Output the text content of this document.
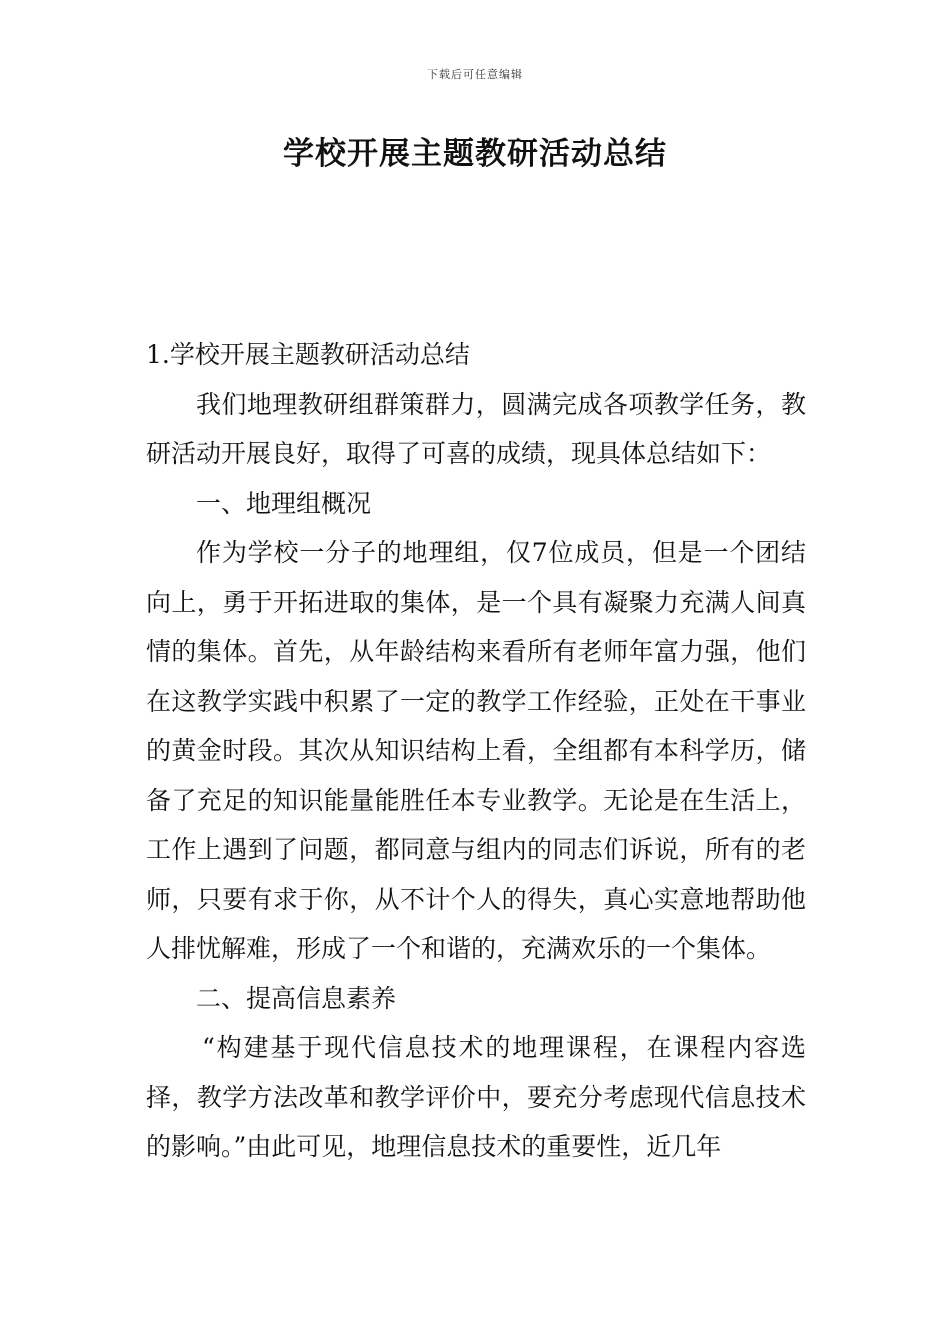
下载后可任意编辑
学校开展主题教研活动总结

1.学校开展主题教研活动总结

我们地理教研组群策群力，圆满完成各项教学任务，教研活动开展良好，取得了可喜的成绩，现具体总结如下：

一、地理组概况

作为学校一分子的地理组，仅7位成员，但是一个团结向上，勇于开拓进取的集体，是一个具有凝聚力充满人间真情的集体。首先，从年龄结构来看所有老师年富力强，他们在这教学实践中积累了一定的教学工作经验，正处在干事业的黄金时段。其次从知识结构上看，全组都有本科学历，储备了充足的知识能量能胜任本专业教学。无论是在生活上，工作上遇到了问题，都同意与组内的同志们诉说，所有的老师，只要有求于你，从不计个人的得失，真心实意地帮助他人排忧解难，形成了一个和谐的，充满欢乐的一个集体。

二、提高信息素养

“构建基于现代信息技术的地理课程，在课程内容选择，教学方法改革和教学评价中，要充分考虑现代信息技术的影响。”由此可见，地理信息技术的重要性，近几年
